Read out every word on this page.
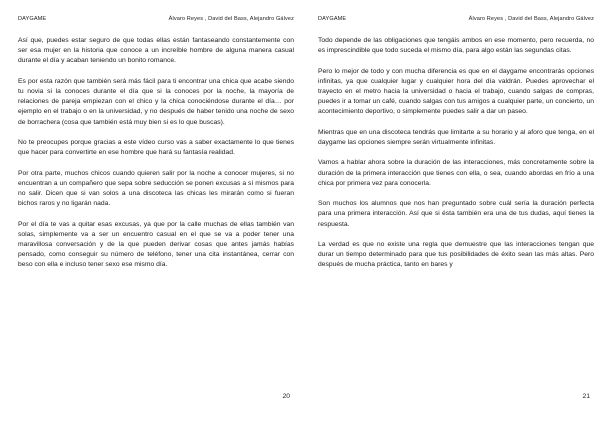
DAYGAME	Álvaro Reyes , David del Bass, Alejandro Gálvez

Así que, puedes estar seguro de que todas ellas están fantaseando constantemente con ser esa mujer en la historia que conoce a un increíble hombre de alguna manera casual durante el día y acaban teniendo un bonito romance.

Es por esta razón que también será más fácil para ti encontrar una chica que acabe siendo tu novia si la conoces durante el día que si la conoces por la noche, la mayoría de relaciones de pareja empiezan con el chico y la chica conociéndose durante el día… por ejemplo en el trabajo o en la universidad, y no después de haber tenido una noche de sexo de borrachera (cosa que también está muy bien si es lo que buscas).

No te preocupes porque gracias a este vídeo curso vas a saber exactamente lo que tienes que hacer para convertirte en ese hombre que hará su fantasía realidad.

Por otra parte, muchos chicos cuando quieren salir por la noche a conocer mujeres, si no encuentran a un compañero que sepa sobre seducción se ponen excusas a sí mismos para no salir. Dicen que si van solos a una discoteca las chicas les mirarán como si fueran bichos raros y no ligarán nada.

Por el día te vas a quitar esas excusas, ya que por la calle muchas de ellas también van solas, simplemente va a ser un encuentro casual en el que se va a poder tener una maravillosa conversación y de la que pueden derivar cosas que antes jamás habías pensado, como conseguir su número de teléfono, tener una cita instantánea, cerrar con beso con ella e incluso tener sexo ese mismo día.

20
DAYGAME	Álvaro Reyes , David del Bass, Alejandro Gálvez

Todo depende de las obligaciones que tengáis ambos en ese momento, pero recuerda, no es imprescindible que todo suceda el mismo día, para algo están las segundas citas.

Pero lo mejor de todo y con mucha diferencia es que en el daygame encontrarás opciones infinitas, ya que cualquier lugar y cualquier hora del día valdrán. Puedes aprovechar el trayecto en el metro hacia la universidad o hacia el trabajo, cuando salgas de compras, puedes ir a tomar un café, cuando salgas con tus amigos a cualquier parte, un concierto, un acontecimiento deportivo, o simplemente puedes salir a dar un paseo.

Mientras que en una discoteca tendrás que limitarte a su horario y al aforo que tenga, en el daygame las opciones siempre serán virtualmente infinitas.

Vamos a hablar ahora sobre la duración de las interacciones, más concretamente sobre la duración de la primera interacción que tienes con ella, o sea, cuando abordas en frío a una chica por primera vez para conocerla.

Son muchos los alumnos que nos han preguntado sobre cuál sería la duración perfecta para una primera interacción. Así que si ésta también era una de tus dudas, aquí tienes la respuesta.

La verdad es que no existe una regla que demuestre que las interacciones tengan que durar un tiempo determinado para que tus posibilidades de éxito sean las más altas. Pero después de mucha práctica, tanto en bares y

21
